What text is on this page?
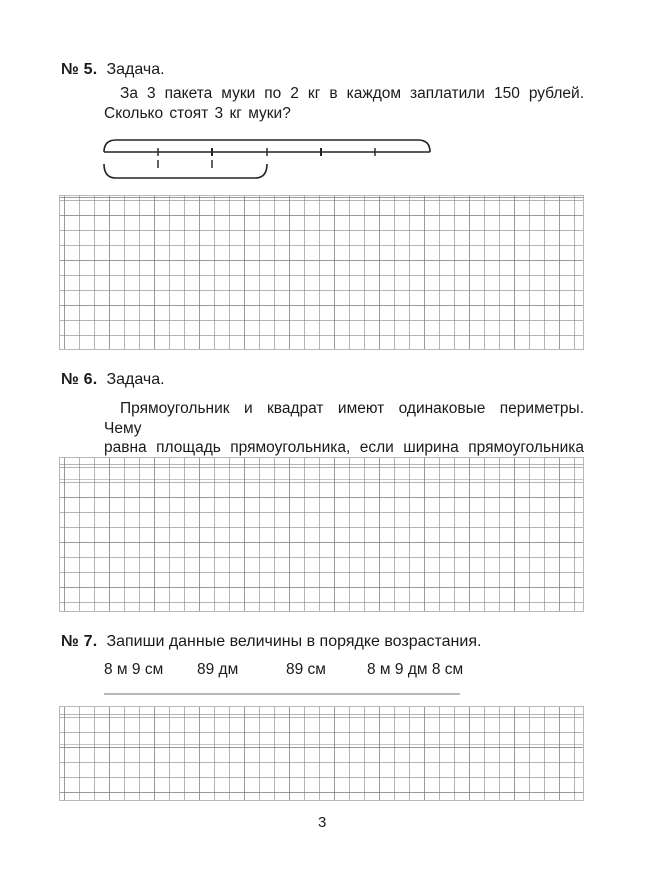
№ 5. Задача.
За 3 пакета муки по 2 кг в каждом заплатили 150 рублей.
Сколько стоят 3 кг муки?
№ 6. Задача.
Прямоугольник и квадрат имеют одинаковые периметры. Чему
равна площадь прямоугольника, если ширина прямоугольника
№ 7. Запиши данные величины в порядке возрастания.
8 м 9 см 89 дм	89 см	8 м 9 дм 8 см
3
